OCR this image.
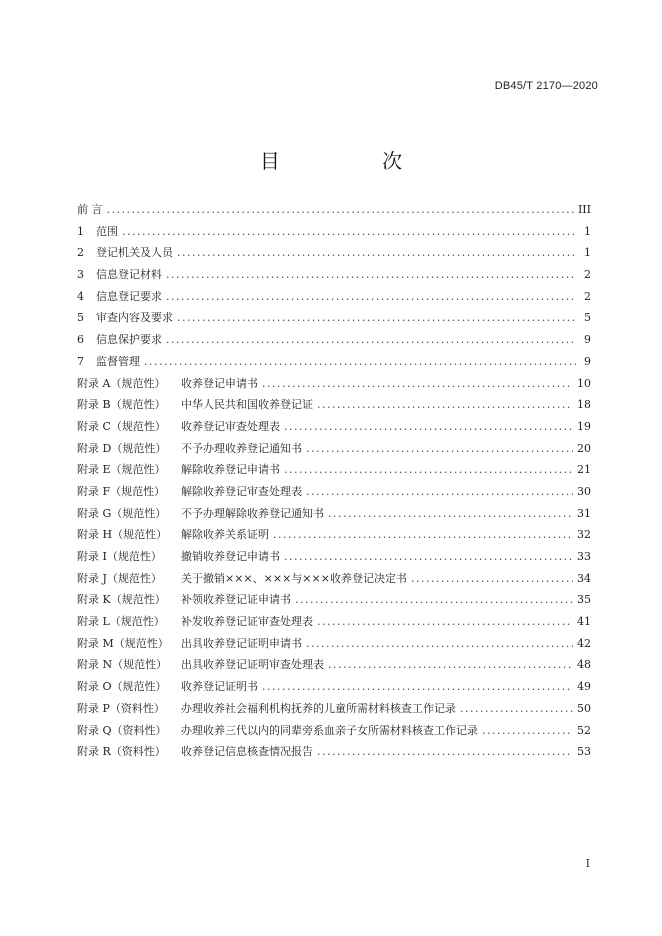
DB45/T 2170—2020
目 次
前 言 .....	III
1	范围 .....	1
2	登记机关及人员 .....	1
3	信息登记材料 .....	2
4	信息登记要求 .....	2
5	审查内容及要求 .....	5
6	信息保护要求 .....	9
7	监督管理 .....	9
附录 A（规范性）	收养登记申请书 .....	10
附录 B（规范性）	中华人民共和国收养登记证 .....	18
附录 C（规范性）	收养登记审查处理表 .....	19
附录 D（规范性）	不予办理收养登记通知书 .....	20
附录 E（规范性）	解除收养登记申请书 .....	21
附录 F（规范性）	解除收养登记审查处理表 .....	30
附录 G（规范性）	不予办理解除收养登记通知书 .....	31
附录 H（规范性）	解除收养关系证明 .....	32
附录 I（规范性）	撤销收养登记申请书 .....	33
附录 J（规范性）	关于撤销×××、×××与×××收养登记决定书 .....	34
附录 K（规范性）	补领收养登记证申请书 .....	35
附录 L（规范性）	补发收养登记证审查处理表 .....	41
附录 M（规范性）	出具收养登记证明申请书 .....	42
附录 N（规范性）	出具收养登记证明审查处理表 .....	48
附录 O（规范性）	收养登记证明书 .....	49
附录 P（资料性）	办理收养社会福利机构抚养的儿童所需材料核查工作记录 .....	50
附录 Q（资料性）	办理收养三代以内的同辈旁系血亲子女所需材料核查工作记录 .....	52
附录 R（资料性）	收养登记信息核查情况报告 .....	53
I
